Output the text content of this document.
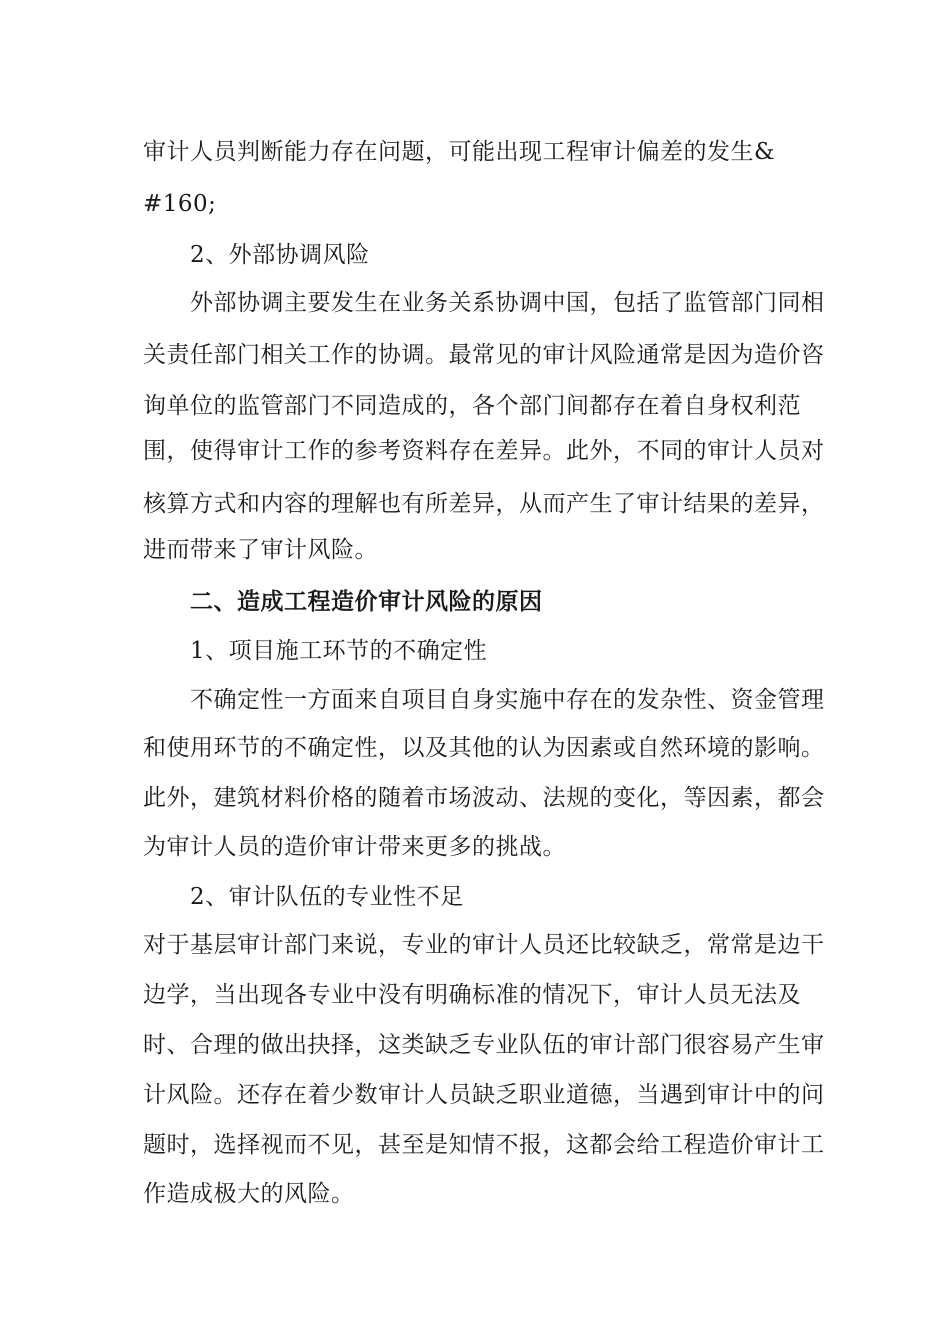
审计人员判断能力存在问题，可能出现工程审计偏差的发生&
#160;
2、外部协调风险
外部协调主要发生在业务关系协调中国，包括了监管部门同相
关责任部门相关工作的协调。最常见的审计风险通常是因为造价咨
询单位的监管部门不同造成的，各个部门间都存在着自身权利范
围，使得审计工作的参考资料存在差异。此外，不同的审计人员对
核算方式和内容的理解也有所差异，从而产生了审计结果的差异，
进而带来了审计风险。
二、造成工程造价审计风险的原因
1、项目施工环节的不确定性
不确定性一方面来自项目自身实施中存在的发杂性、资金管理
和使用环节的不确定性，以及其他的认为因素或自然环境的影响。
此外，建筑材料价格的随着市场波动、法规的变化，等因素，都会
为审计人员的造价审计带来更多的挑战。
2、审计队伍的专业性不足
对于基层审计部门来说，专业的审计人员还比较缺乏，常常是边干
边学，当出现各专业中没有明确标准的情况下，审计人员无法及
时、合理的做出抉择，这类缺乏专业队伍的审计部门很容易产生审
计风险。还存在着少数审计人员缺乏职业道德，当遇到审计中的问
题时，选择视而不见，甚至是知情不报，这都会给工程造价审计工
作造成极大的风险。
